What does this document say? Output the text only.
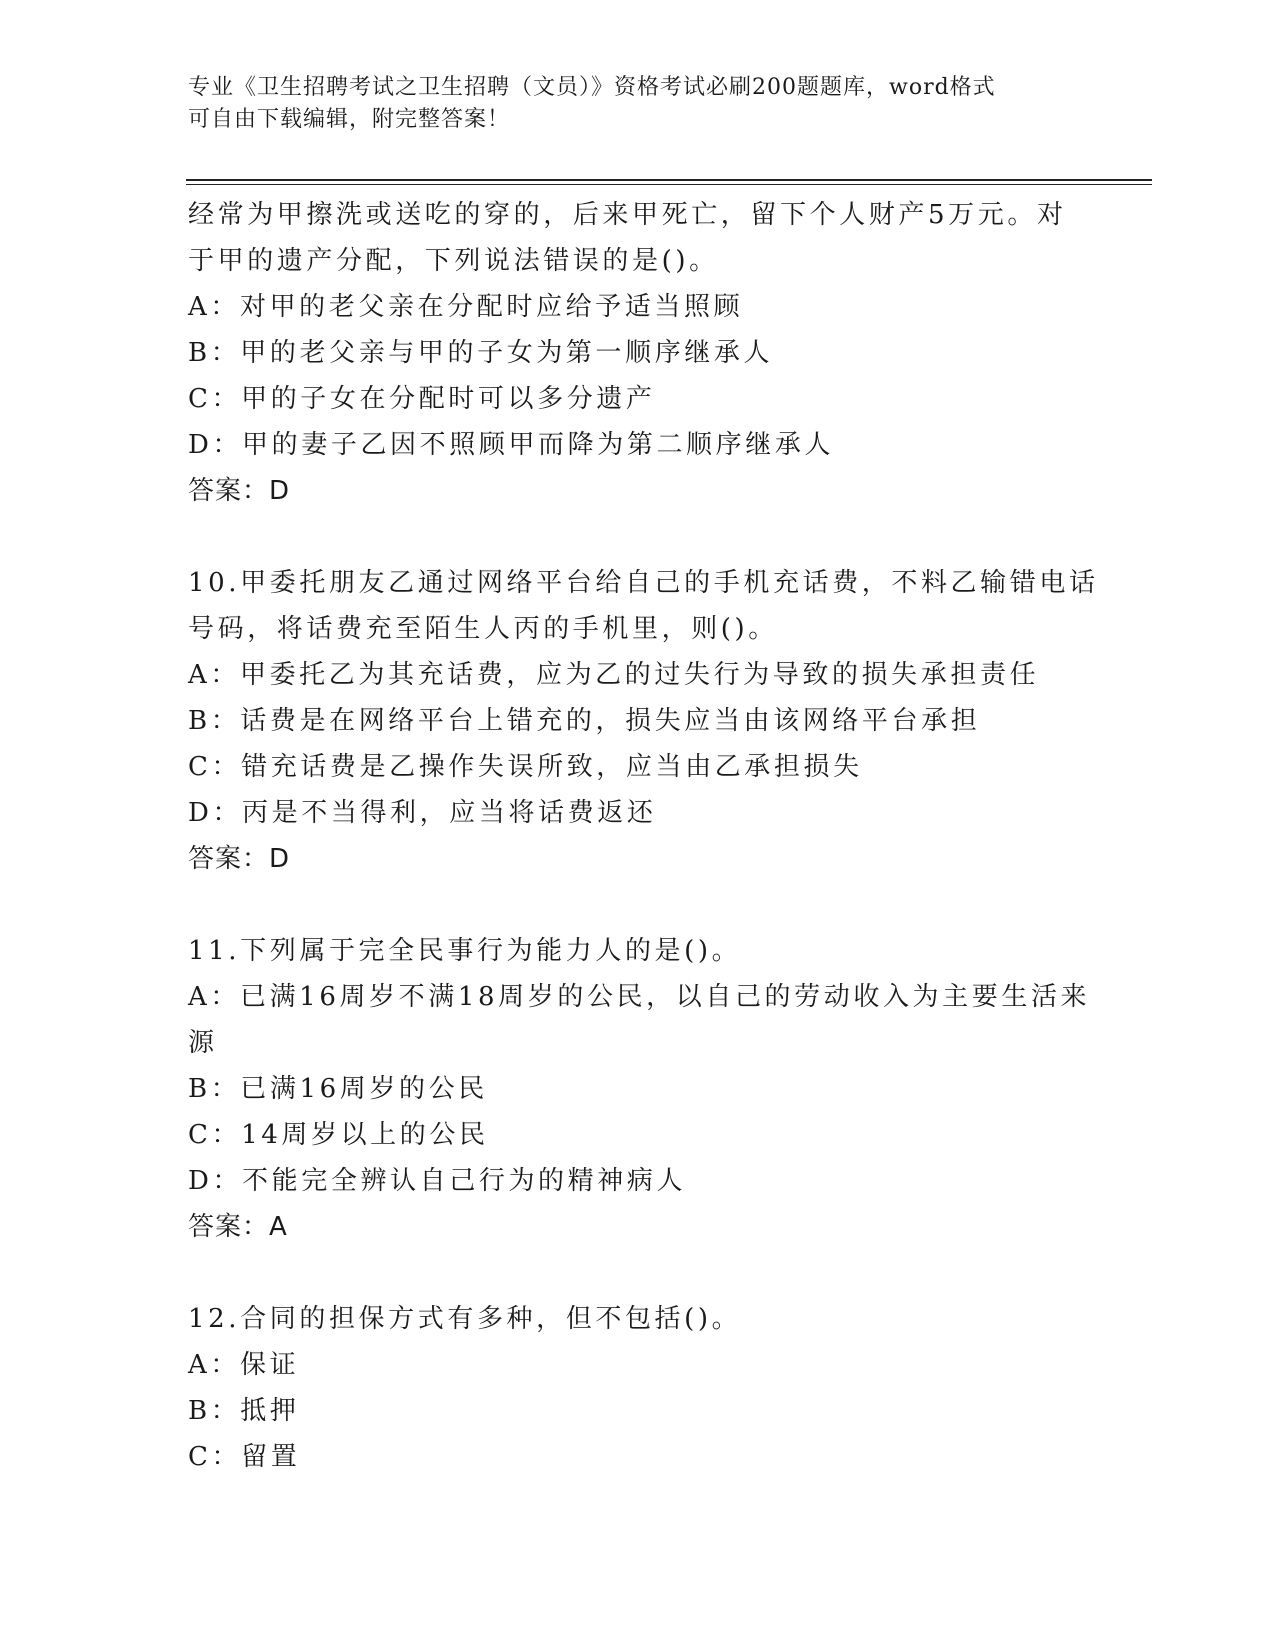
专业《卫生招聘考试之卫生招聘（文员）》资格考试必刷200题题库，word格式
可自由下载编辑，附完整答案！
经常为甲擦洗或送吃的穿的，后来甲死亡，留下个人财产5万元。对
于甲的遗产分配，下列说法错误的是()。
A：对甲的老父亲在分配时应给予适当照顾
B：甲的老父亲与甲的子女为第一顺序继承人
C：甲的子女在分配时可以多分遗产
D：甲的妻子乙因不照顾甲而降为第二顺序继承人
答案：D
10.甲委托朋友乙通过网络平台给自己的手机充话费，不料乙输错电话
号码，将话费充至陌生人丙的手机里，则()。
A：甲委托乙为其充话费，应为乙的过失行为导致的损失承担责任
B：话费是在网络平台上错充的，损失应当由该网络平台承担
C：错充话费是乙操作失误所致，应当由乙承担损失
D：丙是不当得利，应当将话费返还
答案：D
11.下列属于完全民事行为能力人的是()。
A：已满16周岁不满18周岁的公民，以自己的劳动收入为主要生活来
源
B：已满16周岁的公民
C：14周岁以上的公民
D：不能完全辨认自己行为的精神病人
答案：A
12.合同的担保方式有多种，但不包括()。
A：保证
B：抵押
C：留置
